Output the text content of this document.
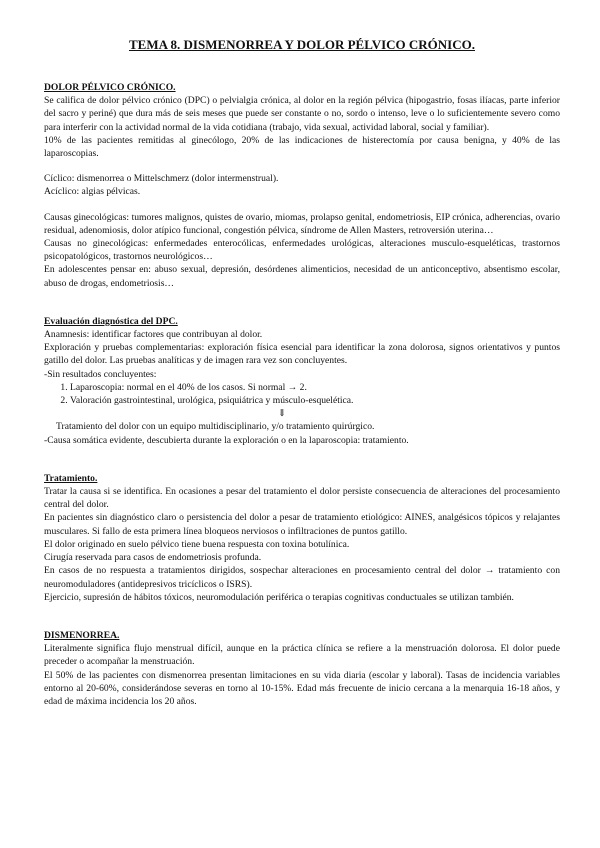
TEMA 8. DISMENORREA Y DOLOR PÉLVICO CRÓNICO.

DOLOR PÉLVICO CRÓNICO.

Se califica de dolor pélvico crónico (DPC) o pelvialgia crónica, al dolor en la región pélvica (hipogastrio, fosas ilíacas, parte inferior del sacro y periné) que dura más de seis meses que puede ser constante o no, sordo o intenso, leve o lo suficientemente severo como para interferir con la actividad normal de la vida cotidiana (trabajo, vida sexual, actividad laboral, social y familiar).

10% de las pacientes remitidas al ginecólogo, 20% de las indicaciones de histerectomía por causa benigna, y 40% de las laparoscopias.

Cíclico: dismenorrea o Mittelschmerz (dolor intermenstrual).

Acíclico: algias pélvicas.

Causas ginecológicas: tumores malignos, quistes de ovario, miomas, prolapso genital, endometriosis, EIP crónica, adherencias, ovario residual, adenomiosis, dolor atípico funcional, congestión pélvica, síndrome de Allen Masters, retroversión uterina…

Causas no ginecológicas: enfermedades enterocólicas, enfermedades urológicas, alteraciones musculo-esqueléticas, trastornos psicopatológicos, trastornos neurológicos…

En adolescentes pensar en: abuso sexual, depresión, desórdenes alimenticios, necesidad de un anticonceptivo, absentismo escolar, abuso de drogas, endometriosis…

Evaluación diagnóstica del DPC.

Anamnesis: identificar factores que contribuyan al dolor.

Exploración y pruebas complementarias: exploración física esencial para identificar la zona dolorosa, signos orientativos y puntos gatillo del dolor. Las pruebas analíticas y de imagen rara vez son concluyentes.

-Sin resultados concluyentes:

1. Laparoscopia: normal en el 40% de los casos. Si normal → 2.
2. Valoración gastrointestinal, urológica, psiquiátrica y músculo-esquelética.

⇓

Tratamiento del dolor con un equipo multidisciplinario, y/o tratamiento quirúrgico.

-Causa somática evidente, descubierta durante la exploración o en la laparoscopia: tratamiento.

Tratamiento.

Tratar la causa si se identifica. En ocasiones a pesar del tratamiento el dolor persiste consecuencia de alteraciones del procesamiento central del dolor.

En pacientes sin diagnóstico claro o persistencia del dolor a pesar de tratamiento etiológico: AINES, analgésicos tópicos y relajantes musculares. Si fallo de esta primera línea bloqueos nerviosos o infiltraciones de puntos gatillo.

El dolor originado en suelo pélvico tiene buena respuesta con toxina botulínica.

Cirugía reservada para casos de endometriosis profunda.

En casos de no respuesta a tratamientos dirigidos, sospechar alteraciones en procesamiento central del dolor → tratamiento con neuromoduladores (antidepresivos tricíclicos o ISRS).

Ejercicio, supresión de hábitos tóxicos, neuromodulación periférica o terapias cognitivas conductuales se utilizan también.

DISMENORREA.

Literalmente significa flujo menstrual difícil, aunque en la práctica clínica se refiere a la menstruación dolorosa. El dolor puede preceder o acompañar la menstruación.

El 50% de las pacientes con dismenorrea presentan limitaciones en su vida diaria (escolar y laboral). Tasas de incidencia variables entorno al 20-60%, considerándose severas en torno al 10-15%. Edad más frecuente de inicio cercana a la menarquia 16-18 años, y edad de máxima incidencia los 20 años.
